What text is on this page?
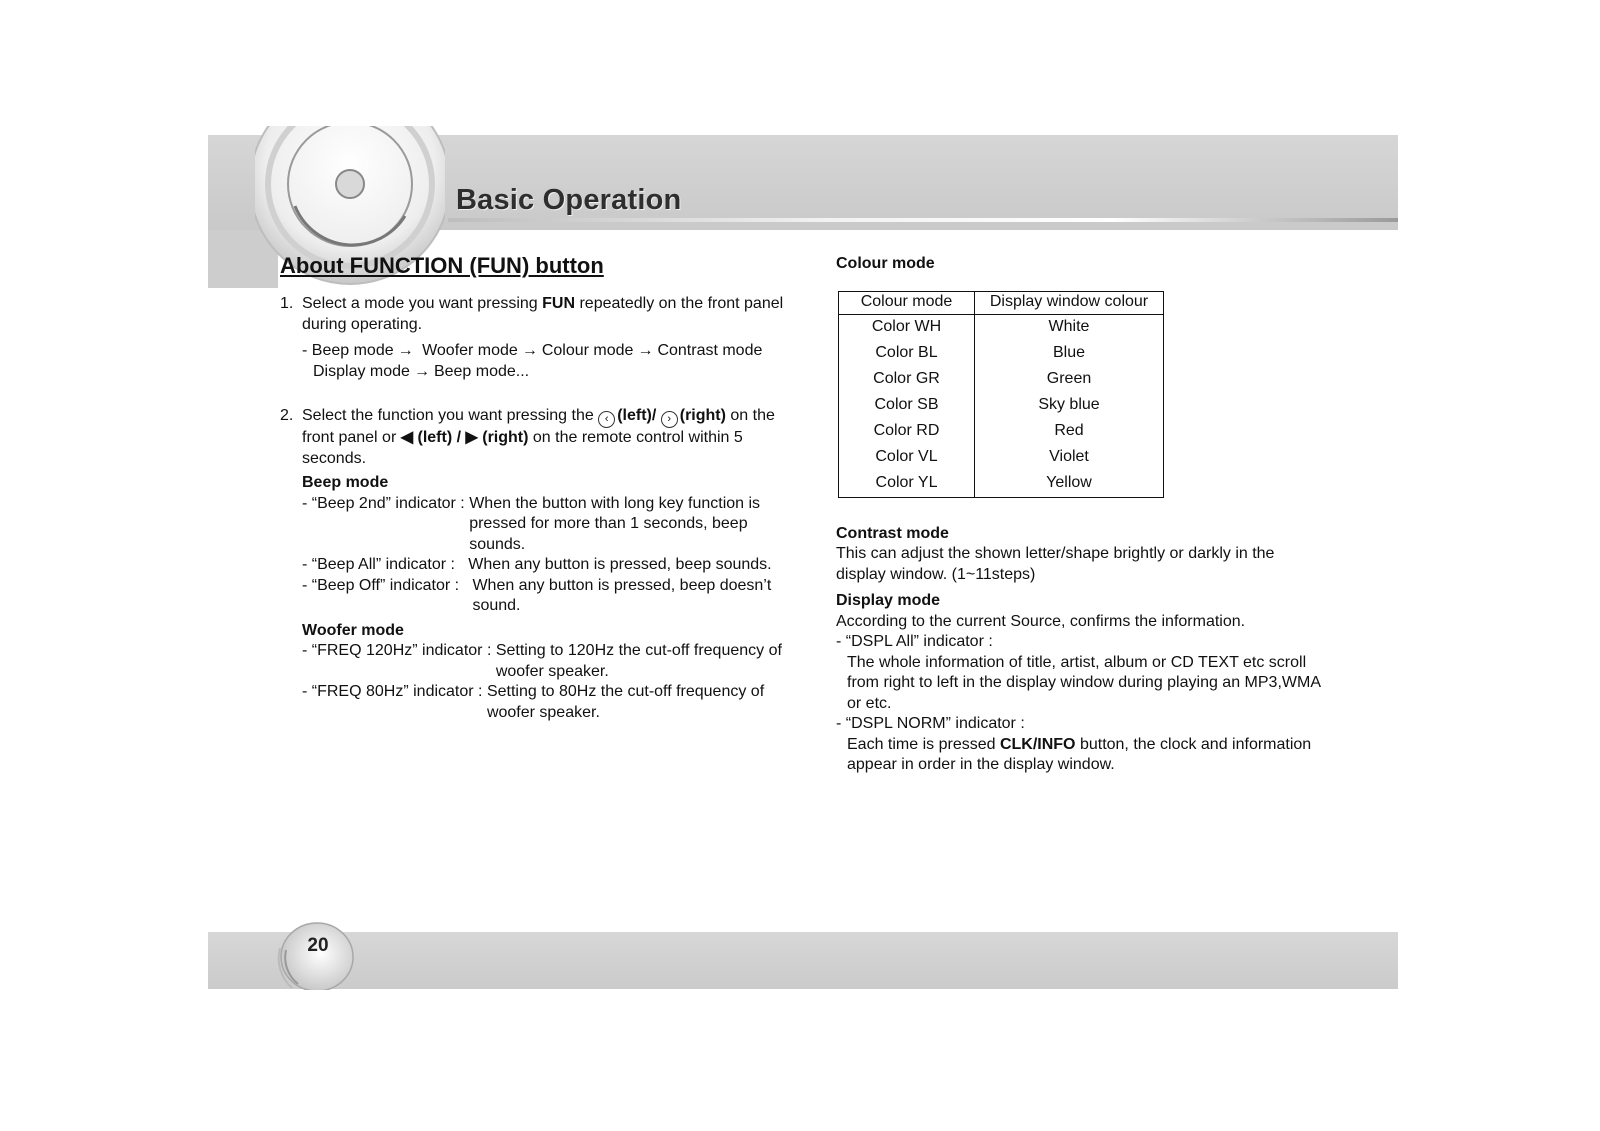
Basic Operation
About FUNCTION (FUN) button
1. Select a mode you want pressing FUN repeatedly on the front panel during operating.
- Beep mode → Woofer mode → Colour mode → Contrast mode
Display mode → Beep mode...
2. Select the function you want pressing the ‹ (left)/ › (right) on the front panel or ◀ (left) / ▶ (right) on the remote control within 5 seconds.
Beep mode
- “Beep 2nd” indicator : When the button with long key function is pressed for more than 1 seconds, beep sounds.
- “Beep All” indicator : When any button is pressed, beep sounds.
- “Beep Off” indicator : When any button is pressed, beep doesn’t sound.
Woofer mode
- “FREQ 120Hz” indicator : Setting to 120Hz the cut-off frequency of woofer speaker.
- “FREQ 80Hz” indicator : Setting to 80Hz the cut-off frequency of woofer speaker.
Colour mode
Colour mode	Display window colour
Color WH	White
Color BL	Blue
Color GR	Green
Color SB	Sky blue
Color RD	Red
Color VL	Violet
Color YL	Yellow
Contrast mode

This can adjust the shown letter/shape brightly or darkly in the display window. (1~11steps)

Display mode

According to the current Source, confirms the information.

- “DSPL All” indicator :

The whole information of title, artist, album or CD TEXT etc scroll from right to left in the display window during playing an MP3,WMA or etc.

- “DSPL NORM” indicator :

Each time is pressed CLK/INFO button, the clock and information appear in order in the display window.

20
